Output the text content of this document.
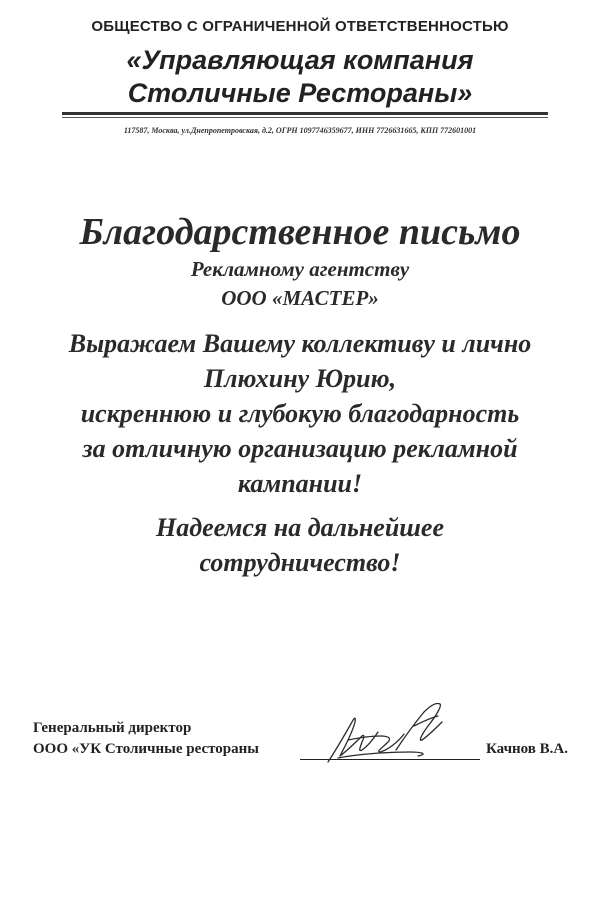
ОБЩЕСТВО С ОГРАНИЧЕННОЙ ОТВЕТСТВЕННОСТЬЮ
«Управляющая компания
Столичные Рестораны»
117587, Москва, ул.Днепропетровская, д.2, ОГРН 1097746359677, ИНН 7726631665, КПП 772601001
Благодарственное письмо
Рекламному агентству
ООО «МАСТЕР»
Выражаем Вашему коллективу и лично
Плюхину Юрию,
искреннюю и глубокую благодарность
за отличную организацию рекламной
кампании!
Надеемся на дальнейшее
сотрудничество!
Генеральный директор
ООО «УК Столичные рестораны	Качнов В.А.
